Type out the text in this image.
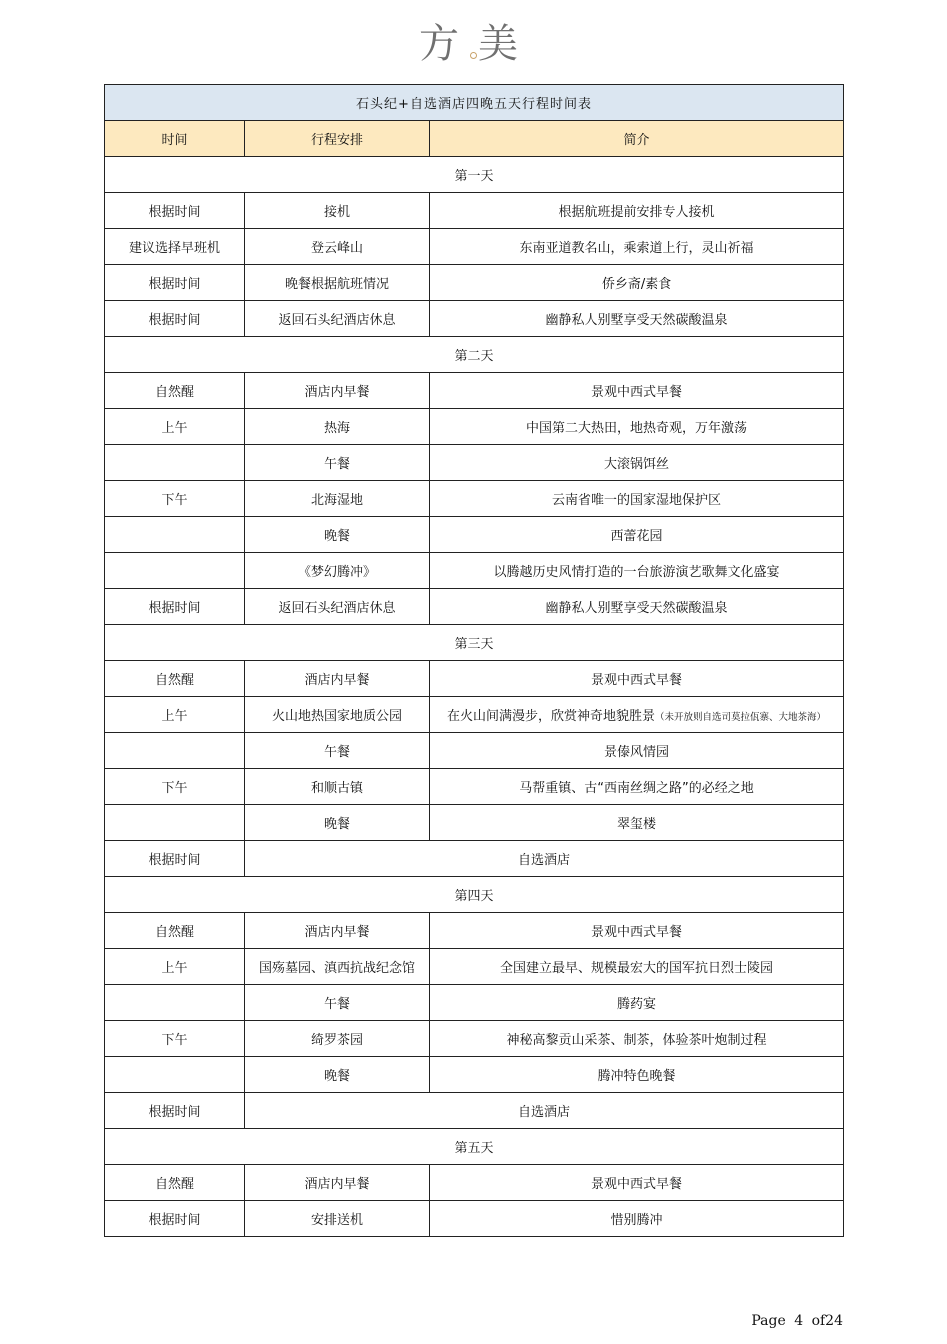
方 美
石头纪+自选酒店四晚五天行程时间表		
时间	行程安排	简介
第一天		
根据时间	接机	根据航班提前安排专人接机
建议选择早班机	登云峰山	东南亚道教名山，乘索道上行，灵山祈福
根据时间	晚餐根据航班情况	侨乡斋/素食
根据时间	返回石头纪酒店休息	幽静私人别墅享受天然碳酸温泉
第二天		
自然醒	酒店内早餐	景观中西式早餐
上午	热海	中国第二大热田，地热奇观，万年激荡
	午餐	大滚锅饵丝
下午	北海湿地	云南省唯一的国家湿地保护区
	晚餐	西蕾花园
	《梦幻腾冲》	以腾越历史风情打造的一台旅游演艺歌舞文化盛宴
根据时间	返回石头纪酒店休息	幽静私人别墅享受天然碳酸温泉
第三天		
自然醒	酒店内早餐	景观中西式早餐
上午	火山地热国家地质公园	在火山间满漫步，欣赏神奇地貌胜景（未开放则自选司莫拉佤寨、大地茶海）
	午餐	景傣风情园
下午	和顺古镇	马帮重镇、古“西南丝绸之路”的必经之地
	晚餐	翠玺楼
根据时间	自选酒店	
第四天		
自然醒	酒店内早餐	景观中西式早餐
上午	国殇墓园、滇西抗战纪念馆	全国建立最早、规模最宏大的国军抗日烈士陵园
	午餐	腾药宴
下午	绮罗茶园	神秘高黎贡山采茶、制茶，体验茶叶炮制过程
	晚餐	腾冲特色晚餐
根据时间	自选酒店	
第五天		
自然醒	酒店内早餐	景观中西式早餐
根据时间	安排送机	惜别腾冲
Page 4 of24
